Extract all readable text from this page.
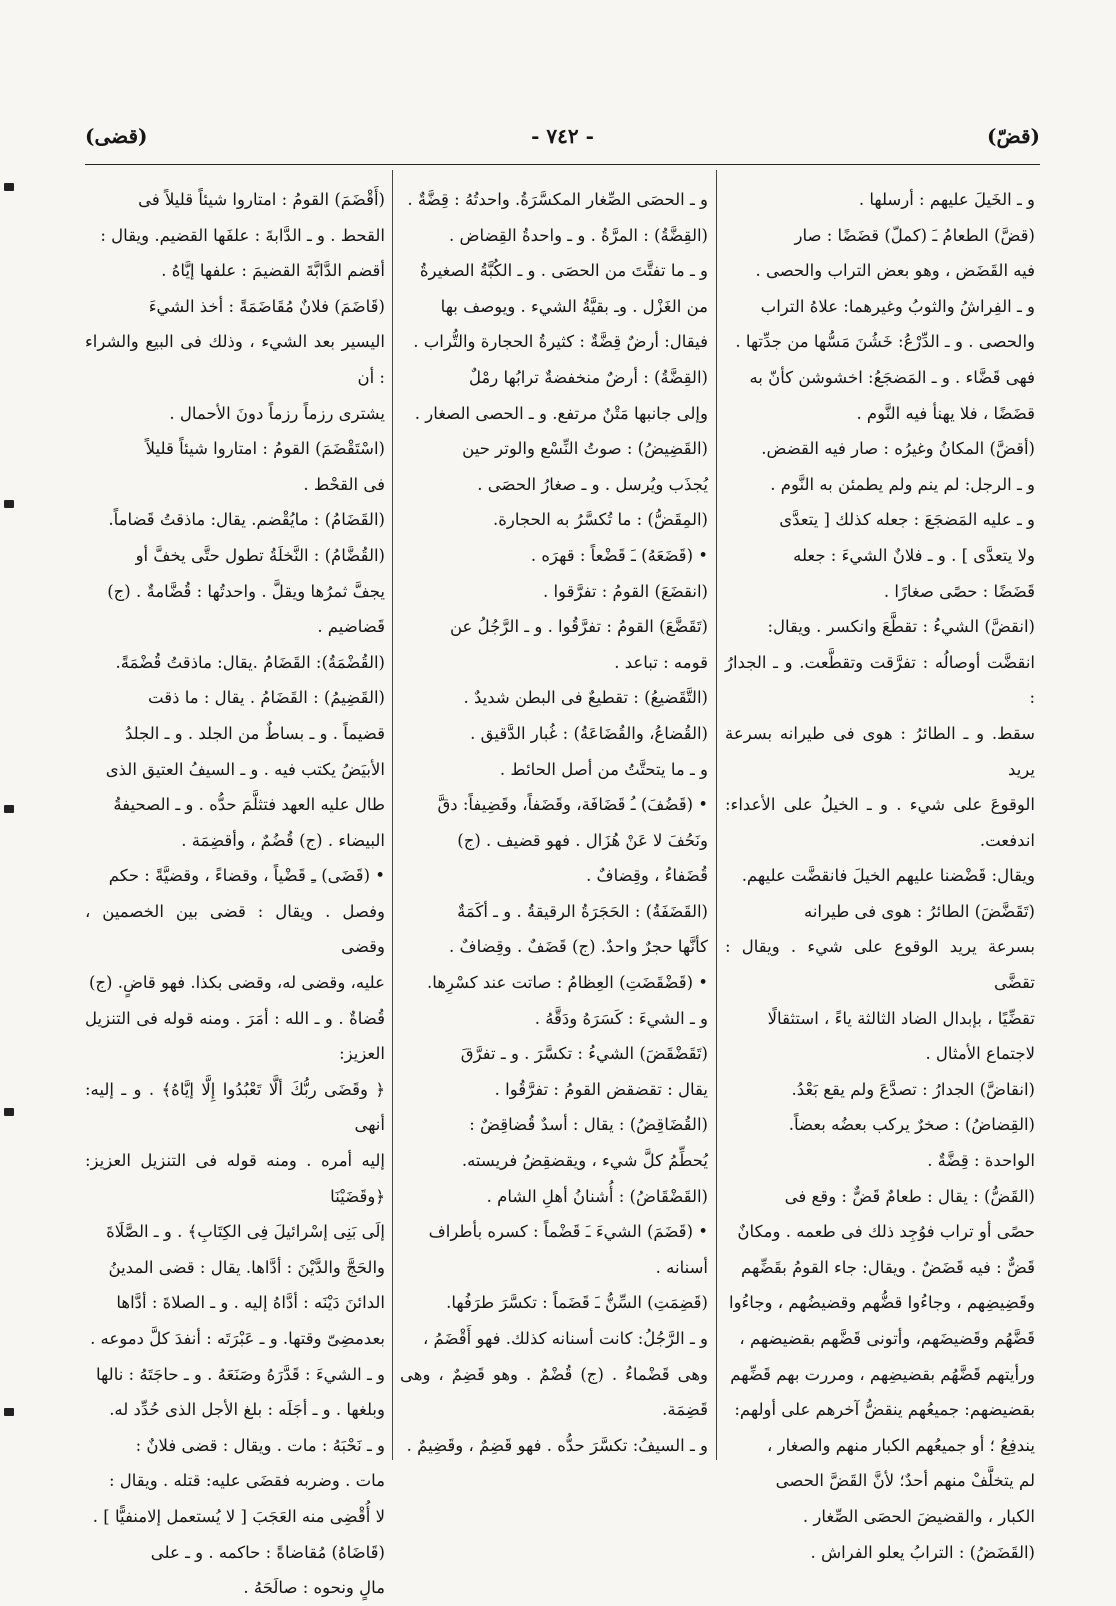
(قضّ)
- ٧٤٢ -
(قضى)

و ـ الخَيلَ عليهم : أرسلها .

(قضَّ) الطعامُ ـَ (كملّ) قضَضًا : صار

فيه القَضَض ، وهو بعض التراب والحصى .

و ـ الفِراشُ والثوبُ وغيرهما: علاهُ التراب

والحصى . و ـ الدِّرْعُ: خَشُنَ مَسُّها من جدِّتها .

فهى قَضَّاء . و ـ المَضجَعُ: اخشوشن كأنّ به

قضَضًا ، فلا يهنأ فيه النَّوم .

(أقضَّ) المكانُ وغيرُه : صار فيه القضض.

و ـ الرجل: لم ينم ولم يطمئن به النَّوم .

و ـ عليه المَضجَعَ : جعله كذلك [ يتعدَّى

ولا يتعدَّى ] . و ـ فلانٌ الشيءَ : جعله

قَضَضًا : حصًى صغارًا .

(انقضَّ) الشيءُ : تقطَّعَ وانكسر . ويقال:

انقضَّت أوصالُه : تفرَّقت وتقطَّعت. و ـ الجدارُ :

سقط. و ـ الطائرُ : هوى فى طيرانه بسرعة يريد

الوقوعَ على شيء . و ـ الخيلُ على الأعداء: اندفعت.

ويقال: قَضْضنا عليهم الخيلَ فانقضَّت عليهم.

(تَقَضَّضَ) الطائرُ : هوى فى طيرانه

بسرعة يريد الوقوع على شيء . ويقال : تقضَّى

تقضِّيًا ، بإبدال الضاد الثالثة ياءً ، استثقالًا

لاجتماع الأمثال .

(انقاضَّ) الجدارُ : تصدَّعَ ولم يقع بَعْدُ.

(القِضاضُ) : صخرٌ يركب بعضُه بعضاً.

الواحدة : قِضَّةٌ .

(القَضُّ) : يقال : طعامٌ قَضٌّ : وقع فى

حصًى أو تراب فوُجِد ذلك فى طعمه . ومكانٌ

قَضٌّ : فيه قَضَضٌ . ويقال: جاء القومُ بقَضِّهم

وقَضِيضِهم ، وجاءُوا قضُّهم وقضيضُهم ، وجاءُوا

قَضَّهُم وقَضيضَهم، وأتونى قَضَّهم بقضيضهم ،

ورأيتهم قَضَّهُم بقضيضِهم ، ومررت بهم قَضِّهم

بقضيضهم: جميعُهم ينقضُّ آخرهم على أولهم:

يندفِعُ ؛ أو جميعُهم الكبار منهم والصغار ،

لم يتخلَّفْ منهم أحدٌ؛ لأنَّ القَضَّ الحصى

الكبار ، والقضيضَ الحصَى الصِّغار .

(القَضَضُ) : الترابُ يعلو الفراش .

و ـ الحصَى الصِّغار المكسَّرَةُ. واحدتُهُ : قِضَّةٌ .

(القِضَّةُ) : المرَّةُ . و ـ واحدةُ القِضاض .

و ـ ما تفتَّتَ من الحصَى . و ـ الكُبَّةُ الصغيرةُ

من الغَزْل . وـ بقيَّةُ الشيء . ويوصف بها

فيقال: أرضٌ قِضَّةٌ : كثيرةُ الحجارة والتُّراب .

(القِضَّةُ) : أرضٌ منخفضةٌ ترابُها رمْلٌ

وإلى جانبها مَتْنٌ مرتفع. و ـ الحصى الصغار .

(القَضِيضُ) : صوتُ النِّسْع والوتر حين

يُجذَب ويُرسل . و ـ صغارُ الحصَى .

(المِقَضُّ) : ما تُكسَّرُ به الحجارة.

• (قَضَعَهُ) ـَ قَضْعاً : قهرَه .

(انقضَعَ) القومُ : تفرَّقوا .

(تَقَضَّعَ) القومُ : تفرَّقُوا . و ـ الرَّجُلُ عن

قومه : تباعد .

(التَّقَضيعُ) : تقطيعٌ فى البطن شديدٌ .

(القُضاعُ، والقُضَاعَةُ) : غُبار الدَّقيق .

و ـ ما يتحتَّتُ من أصل الحائط .

• (قَضُفَ) ـُ قَضَافَة، وقَضَفاً، وقَضِيفاً: دقَّ

ونَحُفَ لا عَنْ هُزَال . فهو قضيف . (ج)

قُضَفاءُ ، وقِضافٌ .

(القَضَفَةُ) : الحَجَرَةُ الرقيقةُ . و ـ أكَمَةٌ

كأنَّها حجرٌ واحدٌ. (ج) قَضَفٌ . وقِضافٌ .

• (قَضْقَضَتِ) العِظامُ : صاتت عند كسْرِها.

و ـ الشيءَ : كَسَرَهُ ودَقَّهُ .

(تَقَضْقَضَ) الشيءُ : تكسَّرَ . و ـ تفرَّقَ

يقال : تقضقض القومُ : تفرَّقُوا .

(القُضَاقِضُ) : يقال : أسدٌ قُضاقِضٌ :

يُحطِّمُ كلَّ شيء ، ويقضقِضُ فريسته.

(القَضْقَاضُ) : أُشنانُ أهلِ الشام .

• (قَضَمَ) الشيءَ ـَ قَضْماً : كسره بأطراف

أسنانه .

(قَضِمَتِ) السِّنُّ ـَ قَضَماً : تكسَّرَ طرَفُها.

و ـ الرَّجُلُ: كانت أسنانه كذلك. فهو أَقْضَمُ ،

وهى قَضْماءُ . (ج) قُضْمٌ . وهو قَضِمٌ ، وهى قَضِمَة.

و ـ السيفُ: تكسَّرَ حدُّه . فهو قَضِمٌ ، وقَضِيمٌ .

(أَقْضَمَ) القومُ : امتاروا شيئاً قليلاً فى

القحط . و ـ الدَّابةَ : علفَها القضيم. ويقال :

أقضم الدَّابَّةَ القضيمَ : علفها إيَّاهُ .

(قَاضَمَ) فلانٌ مُقَاضَمَةً : أخذ الشيءَ

اليسير بعد الشيء ، وذلك فى البيع والشراء : أن

يشترى رزماً رزماً دونَ الأحمال .

(اسْتَقْضَمَ) القومُ : امتاروا شيئاً قليلاً

فى القحْط .

(القَضَامُ) : مايُقْضم. يقال: ماذقتُ قَضاماً.

(القُضَّامُ) : النَّخلَةُ تطول حتَّى يخفَّ أو

يجفَّ ثمرُها ويقلَّ . واحدتُها : قُضَّامةٌ . (ج)

قَضاضيم .

(القُضْمَةُ): القَضَامُ .يقال: ماذقتُ قُضْمَةً.

(القَضِيمُ) : القَضَامُ . يقال : ما ذقت

قضيماً . و ـ بساطٌ من الجلد . و ـ الجلدُ

الأبيَضُ يكتب فيه . و ـ السيفُ العتيق الذى

طال عليه العهد فتثلَّمَ حدُّه . و ـ الصحيفةُ

البيضاء . (ج) قُضُمٌ ، وأقضِمَة .

• (قَضَى) ـِ قَضْياً ، وقضاءً ، وقضيَّةً : حكم

وفصل . ويقال : قضى بين الخصمين ، وقضى

عليه، وقضى له، وقضى بكذا. فهو قاضٍ. (ج)

قُضاةٌ . و ـ الله : أمَرَ . ومنه قوله فى التنزيل العزيز:

﴿ وقَضَى ربُّكَ ألَّا تَعْبُدُوا إِلَّا إيَّاهُ﴾ . و ـ إليه: أنهى

إليه أمره . ومنه قوله فى التنزيل العزيز: ﴿وقَضَيْنَا

إلَى بَنِى إسْرائيلَ فِى الكِتَابِ﴾ . و ـ الصَّلَاةَ

والحَجَّ والدَّيْنَ : أدَّاها. يقال : قضى المدينُ

الدائنَ دَيْنَه : أدَّاهُ إليه . و ـ الصلاةَ : أدَّاها

بعدمضِىّ وقتها. و ـ عَبْرَتَه : أنفدَ كلَّ دموعه .

و ـ الشيءَ : قَدَّرَهُ وصَنَعَهُ . و ـ حاجَتَهُ : نالها

وبلغها . و ـ أجَلَه : بلغ الأجل الذى حُدِّد له.

و ـ نَحْبَهُ : مات . ويقال : قضى فلانٌ :

مات . وضربه فقضَى عليه: قتله . ويقال :

لا أُقْضِى منه العَجَبَ [ لا يُستعمل إلامنفيًّا ] .

(قَاضَاهُ) مُقاضاةً : حاكمه . و ـ على

مالٍ ونحوه : صالَحَهُ .
